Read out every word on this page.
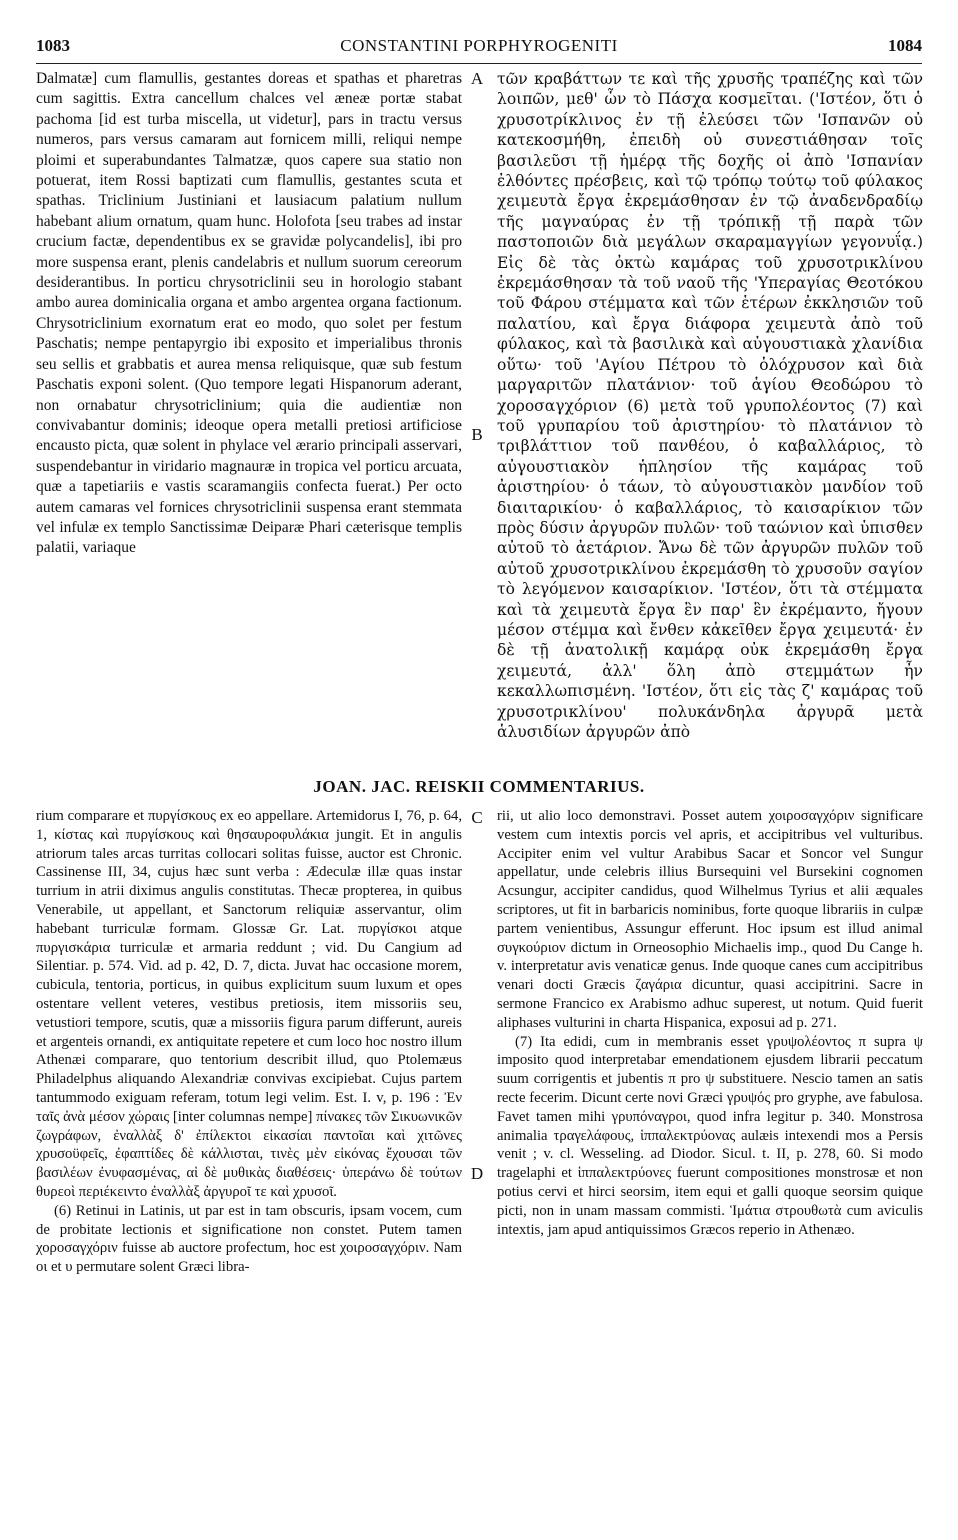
1083	CONSTANTINI PORPHYROGENITI	1084

Dalmatæ] cum flamullis, gestantes doreas et spathas et pharetras cum sagittis. Extra cancellum chalces vel æneæ portæ stabat pachoma [id est turba miscella, ut videtur], pars in tractu versus numeros, pars versus camaram aut fornicem milli, reliqui nempe ploimi et superabundantes Talmatzæ, quos capere sua statio non potuerat, item Rossi baptizati cum flamullis, gestantes scuta et spathas. Triclinium Justiniani et lausiacum palatium nullum habebant alium ornatum, quam hunc. Holofota [seu trabes ad instar crucium factæ, dependentibus ex se gravidæ polycandelis], ibi pro more suspensa erant, plenis candelabris et nullum suorum cereorum desiderantibus. In porticu chrysotriclinii seu in horologio stabant ambo aurea dominicalia organa et ambo argentea organa factionum. Chrysotriclinium exornatum erat eo modo, quo solet per festum Paschatis; nempe pentapyrgio ibi exposito et imperialibus thronis seu sellis et grabbatis et aurea mensa reliquisque, quæ sub festum Paschatis exponi solent. (Quo tempore legati Hispanorum aderant, non ornabatur chrysotriclinium; quia die audientiæ non convivabantur dominis; ideoque opera metalli pretiosi artificiose encausto picta, quæ solent in phylace vel ærario principali asservari, suspendebantur in viridario magnauræ in tropica vel porticu arcuata, quæ a tapetiariis e vastis scaramangiis confecta fuerat.) Per octo autem camaras vel fornices chrysotriclinii suspensa erant stemmata vel infulæ ex templo Sanctissimæ Deiparæ Phari cæterisque templis palatii, variaque

τῶν κραβάττων τε καὶ τῆς χρυσῆς τραπέζης καὶ τῶν λοιπῶν, μεθ' ὧν τὸ Πάσχα κοσμεῖται. ('Ιστέον, ὅτι ὁ χρυσοτρίκλινος ἐν τῇ ἐλεύσει τῶν 'Ισπανῶν οὐ κατεκοσμήθη, ἐπειδὴ οὐ συνεστιάθησαν τοῖς βασιλεῦσι τῇ ἡμέρᾳ τῆς δοχῆς οἱ ἀπὸ 'Ισπανίαν ἐλθόντες πρέσβεις, καὶ τῷ τρόπῳ τούτῳ τοῦ φύλακος χειμευτὰ ἔργα ἐκρεμάσθησαν ἐν τῷ ἀναδενδραδίῳ τῆς μαγναύρας ἐν τῇ τρόπικῇ τῇ παρὰ τῶν παστοποιῶν διὰ μεγάλων σκαραμαγγίων γεγονυΐᾳ.) Εἰς δὲ τὰς ὀκτὼ καμάρας τοῦ χρυσοτρικλίνου ἐκρεμάσθησαν τὰ τοῦ ναοῦ τῆς 'Υπεραγίας Θεοτόκου τοῦ Φάρου στέμματα καὶ τῶν ἑτέρων ἐκκλησιῶν τοῦ παλατίου, καὶ ἔργα διάφορα χειμευτὰ ἀπὸ τοῦ φύλακος, καὶ τὰ βασιλικὰ καὶ αὐγουστιακὰ χλανίδια οὕτω· τοῦ 'Αγίου Πέτρου τὸ ὁλόχρυσον καὶ διὰ μαργαριτῶν πλατάνιον· τοῦ ἁγίου Θεοδώρου τὸ χοροσαγχόριον (6) μετὰ τοῦ γρυπολέοντος (7) καὶ τοῦ γρυπαρίου τοῦ ἀριστηρίου· τὸ πλατάνιον τὸ τριβλάττιον τοῦ πανθέου, ὁ καβαλλάριος, τὸ αὐγουστιακὸν ἡπλησίον τῆς καμάρας τοῦ ἀριστηρίου· ὁ τάων, τὸ αὐγουστιακὸν μανδίον τοῦ διαιταρικίου· ὁ καβαλλάριος, τὸ καισαρίκιον τῶν πρὸς δύσιν ἀργυρῶν πυλῶν· τοῦ ταώνιον καὶ ὑπισθεν αὐτοῦ τὸ ἀετάριον. Ἄνω δὲ τῶν ἀργυρῶν πυλῶν τοῦ αὐτοῦ χρυσοτρικλίνου ἐκρεμάσθη τὸ χρυσοῦν σαγίον τὸ λεγόμενον καισαρίκιον. 'Ιστέον, ὅτι τὰ στέμματα καὶ τὰ χειμευτὰ ἔργα ἓν παρ' ἓν ἐκρέμαντο, ἤγουν μέσον στέμμα καὶ ἔνθεν κἀκεῖθεν ἔργα χειμευτά· ἐν δὲ τῇ ἀνατολικῇ καμάρᾳ οὐκ ἐκρεμάσθη ἔργα χειμευτά, ἀλλ' ὅλη ἀπὸ στεμμάτων ἦν κεκαλλωπισμένη. 'Ιστέον, ὅτι εἰς τὰς ζ' καμάρας τοῦ χρυσοτρικλίνου' πολυκάνδηλα ἀργυρᾶ μετὰ ἁλυσιδίων ἀργυρῶν ἀπὸ

A
B
C
D
JOAN. JAC. REISKII COMMENTARIUS.

rium comparare et πυργίσκους ex eo appellare. Artemidorus I, 76, p. 64, 1, κίστας καὶ πυργίσκους καὶ θησαυροφυλάκια jungit. Et in angulis atriorum tales arcas turritas collocari solitas fuisse, auctor est Chronic. Cassinense III, 34, cujus hæc sunt verba : Ædeculæ illæ quas instar turrium in atrii diximus angulis constitutas. Thecæ propterea, in quibus Venerabile, ut appellant, et Sanctorum reliquiæ asservantur, olim habebant turriculæ formam. Glossæ Gr. Lat. πυργίσκοι atque πυργισκάρια turriculæ et armaria reddunt ; vid. Du Cangium ad Silentiar. p. 574. Vid. ad p. 42, D. 7, dicta. Juvat hac occasione morem, cubicula, tentoria, porticus, in quibus explicitum suum luxum et opes ostentare vellent veteres, vestibus pretiosis, item missoriis seu, vetustiori tempore, scutis, quæ a missoriis figura parum differunt, aureis et argenteis ornandi, ex antiquitate repetere et cum loco hoc nostro illum Athenæi comparare, quo tentorium describit illud, quo Ptolemæus Philadelphus aliquando Alexandriæ convivas excipiebat. Cujus partem tantummodo exiguam referam, totum legi velim. Est. I. v, p. 196 : Ἐν ταῖς ἀνὰ μέσον χώραις [inter columnas nempe] πίνακες τῶν Σικυωνικῶν ζωγράφων, ἐναλλὰξ δ' ἐπίλεκτοι εἰκασίαι παντοῖαι καὶ χιτῶνες χρυσοϋφεῖς, ἐφαπτίδες δὲ κάλλισται, τινὲς μὲν εἰκόνας ἔχουσαι τῶν βασιλέων ἐνυφασμένας, αἱ δὲ μυθικὰς διαθέσεις· ὑπεράνω δὲ τούτων θυρεοὶ περιέκειντο ἐναλλὰξ ἀργυροῖ τε καὶ χρυσοῖ.

(6) Retinui in Latinis, ut par est in tam obscuris, ipsam vocem, cum de probitate lectionis et significatione non constet. Putem tamen χοροσαγχόριν fuisse ab auctore profectum, hoc est χοιροσαγχόριν. Nam οι et υ permutare solent Græci libra-

rii, ut alio loco demonstravi. Posset autem χοιροσαγχόριν significare vestem cum intextis porcis vel apris, et accipitribus vel vulturibus. Accipiter enim vel vultur Arabibus Sacar et Soncor vel Sungur appellatur, unde celebris illius Bursequini vel Bursekini cognomen Acsungur, accipiter candidus, quod Wilhelmus Tyrius et alii æquales scriptores, ut fit in barbaricis nominibus, forte quoque librariis in culpæ partem venientibus, Assungur efferunt. Hoc ipsum est illud animal συγκούριον dictum in Orneosophio Michaelis imp., quod Du Cange h. v. interpretatur avis venaticæ genus. Inde quoque canes cum accipitribus venari docti Græcis ζαγάρια dicuntur, quasi accipitrini. Sacre in sermone Francico ex Arabismo adhuc superest, ut notum. Quid fuerit aliphases vulturini in charta Hispanica, exposui ad p. 271.

(7) Ita edidi, cum in membranis esset γρυψολέοντος π supra ψ imposito quod interpretabar emendationem ejusdem librarii peccatum suum corrigentis et jubentis π pro ψ substituere. Nescio tamen an satis recte fecerim. Dicunt certe novi Græci γρυψός pro gryphe, ave fabulosa. Favet tamen mihi γρυπόναγροι, quod infra legitur p. 340. Monstrosa animalia τραγελάφους, ἱππαλεκτρύονας aulæis intexendi mos a Persis venit ; v. cl. Wesseling. ad Diodor. Sicul. t. II, p. 278, 60. Si modo tragelaphi et ἱππαλεκτρύονες fuerunt compositiones monstrosæ et non potius cervi et hirci seorsim, item equi et galli quoque seorsim quique picti, non in unam massam commisti. Ἱμάτια στρουθωτὰ cum aviculis intextis, jam apud antiquissimos Græcos reperio in Athenæo.
